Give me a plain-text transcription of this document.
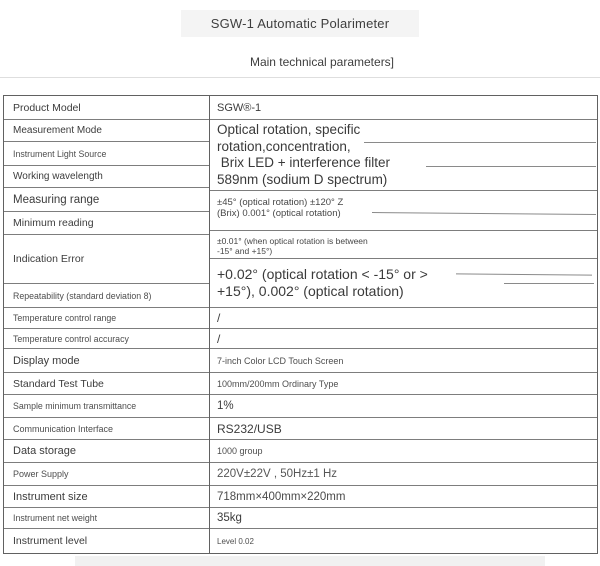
SGW-1 Automatic Polarimeter
Main technical parameters]
Product Model
Measurement Mode
Instrument Light Source
Working wavelength
Measuring range
Minimum reading
Indication Error
Repeatability (standard deviation 8)
Temperature control range
Temperature control accuracy
Display mode
Standard Test Tube
Sample minimum transmittance
Communication Interface
Data storage
Power Supply
Instrument size
Instrument net weight
Instrument level
SGW®-1
Optical rotation, specific
rotation,concentration,
Brix LED + interference filter
589nm (sodium D spectrum)
±45° (optical rotation) ±120° Z
(Brix) 0.001° (optical rotation)
±0.01° (when optical rotation is between
-15° and +15°)
+0.02° (optical rotation < -15° or >
+15°), 0.002° (optical rotation)
/
/
7-inch Color LCD Touch Screen
100mm/200mm Ordinary Type
1%
RS232/USB
1000 group
220V±22V , 50Hz±1 Hz
718mm×400mm×220mm
35kg
Level 0.02
